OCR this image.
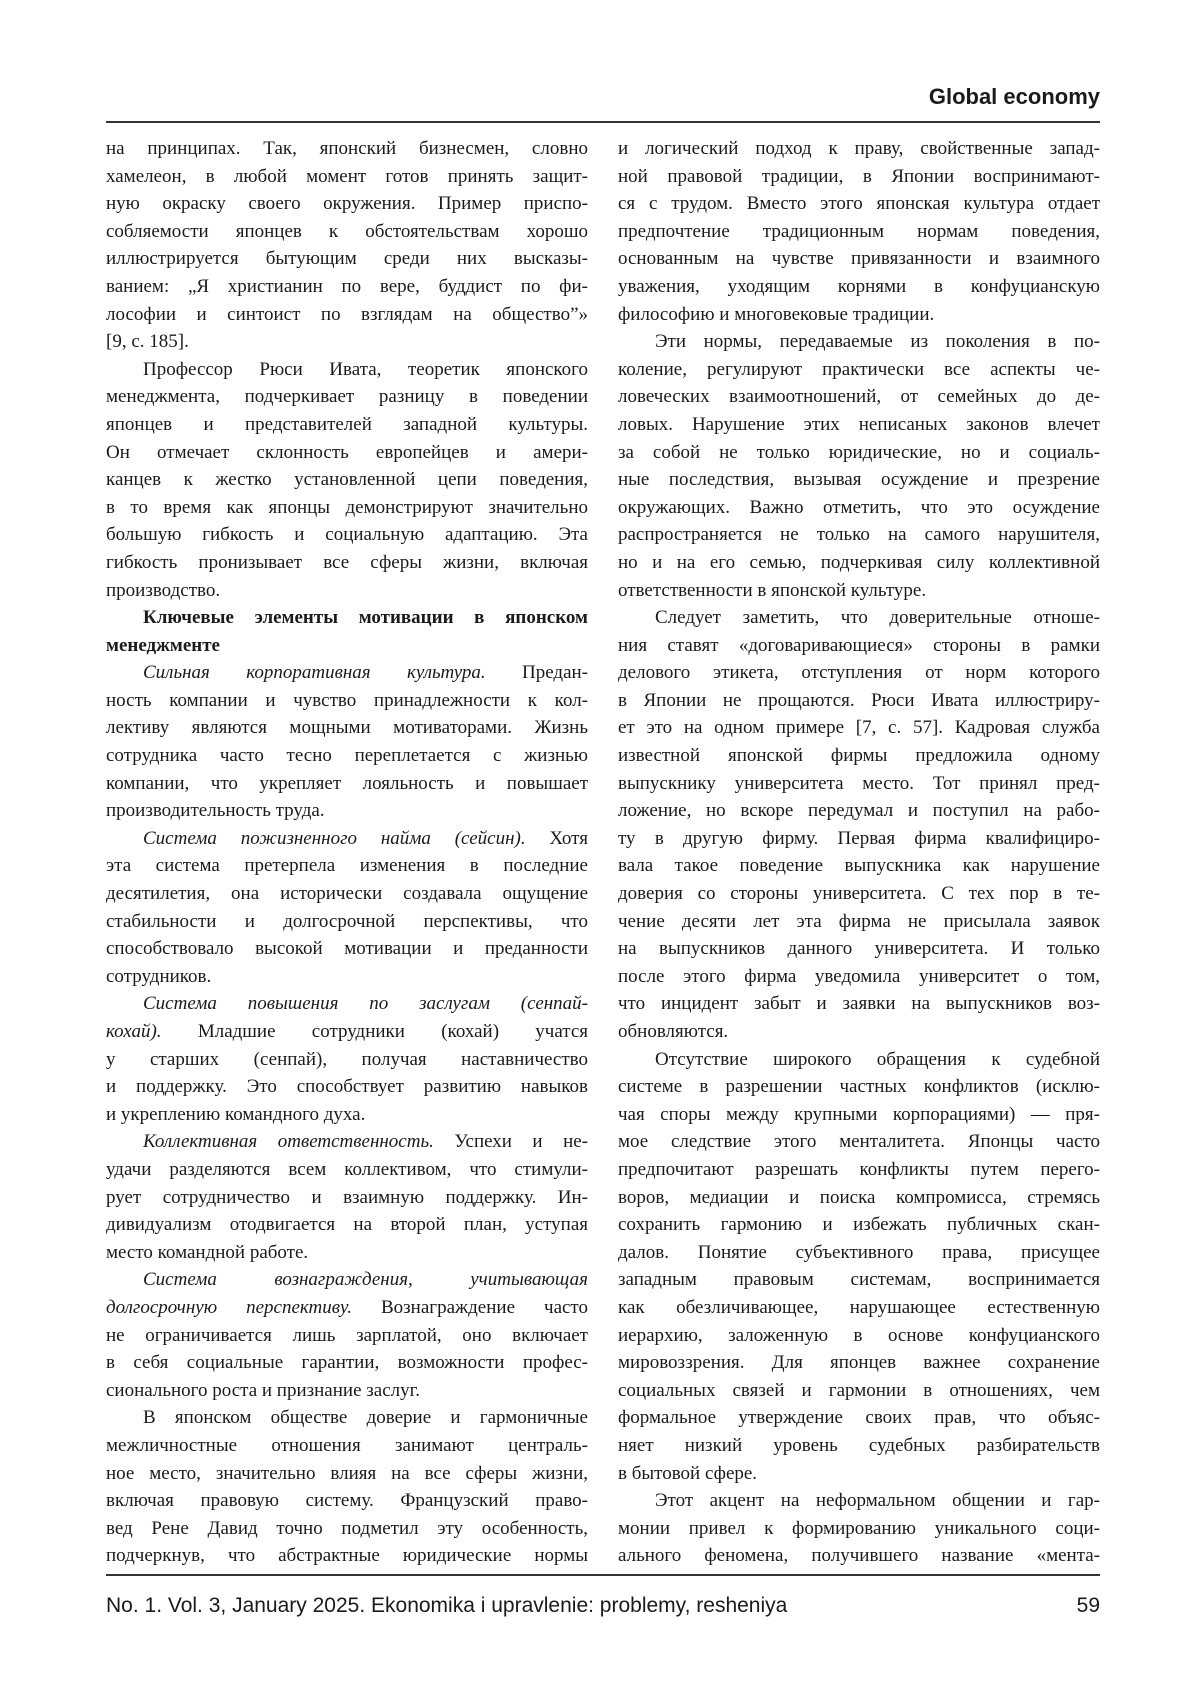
Global economy
на принципах. Так, японский бизнесмен, словно
хамелеон, в любой момент готов принять защит-
ную окраску своего окружения. Пример приспо-
собляемости японцев к обстоятельствам хорошо
иллюстрируется бытующим среди них высказы-
ванием: „Я христианин по вере, буддист по фи-
лософии и синтоист по взглядам на общество”»
[9, с. 185].
Профессор Рюси Ивата, теоретик японского
менеджмента, подчеркивает разницу в поведении
японцев и представителей западной культуры.
Он отмечает склонность европейцев и амери-
канцев к жестко установленной цепи поведения,
в то время как японцы демонстрируют значительно
большую гибкость и социальную адаптацию. Эта
гибкость пронизывает все сферы жизни, включая
производство.
Ключевые элементы мотивации в японском
менеджменте
Сильная корпоративная культура. Предан-
ность компании и чувство принадлежности к кол-
лективу являются мощными мотиваторами. Жизнь
сотрудника часто тесно переплетается с жизнью
компании, что укрепляет лояльность и повышает
производительность труда.
Система пожизненного найма (сейсин). Хотя
эта система претерпела изменения в последние
десятилетия, она исторически создавала ощущение
стабильности и долгосрочной перспективы, что
способствовало высокой мотивации и преданности
сотрудников.
Система повышения по заслугам (сенпай-
кохай). Младшие сотрудники (кохай) учатся
у старших (сенпай), получая наставничество
и поддержку. Это способствует развитию навыков
и укреплению командного духа.
Коллективная ответственность. Успехи и не-
удачи разделяются всем коллективом, что стимули-
рует сотрудничество и взаимную поддержку. Ин-
дивидуализм отодвигается на второй план, уступая
место командной работе.
Система вознаграждения, учитывающая
долгосрочную перспективу. Вознаграждение часто
не ограничивается лишь зарплатой, оно включает
в себя социальные гарантии, возможности профес-
сионального роста и признание заслуг.
В японском обществе доверие и гармоничные
межличностные отношения занимают централь-
ное место, значительно влияя на все сферы жизни,
включая правовую систему. Французский право-
вед Рене Давид точно подметил эту особенность,
подчеркнув, что абстрактные юридические нормы
и логический подход к праву, свойственные запад-
ной правовой традиции, в Японии воспринимают-
ся с трудом. Вместо этого японская культура отдает
предпочтение традиционным нормам поведения,
основанным на чувстве привязанности и взаимного
уважения, уходящим корнями в конфуцианскую
философию и многовековые традиции.
Эти нормы, передаваемые из поколения в по-
коление, регулируют практически все аспекты че-
ловеческих взаимоотношений, от семейных до де-
ловых. Нарушение этих неписаных законов влечет
за собой не только юридические, но и социаль-
ные последствия, вызывая осуждение и презрение
окружающих. Важно отметить, что это осуждение
распространяется не только на самого нарушителя,
но и на его семью, подчеркивая силу коллективной
ответственности в японской культуре.
Следует заметить, что доверительные отноше-
ния ставят «договаривающиеся» стороны в рамки
делового этикета, отступления от норм которого
в Японии не прощаются. Рюси Ивата иллюстриру-
ет это на одном примере [7, с. 57]. Кадровая служба
известной японской фирмы предложила одному
выпускнику университета место. Тот принял пред-
ложение, но вскоре передумал и поступил на рабо-
ту в другую фирму. Первая фирма квалифициро-
вала такое поведение выпускника как нарушение
доверия со стороны университета. С тех пор в те-
чение десяти лет эта фирма не присылала заявок
на выпускников данного университета. И только
после этого фирма уведомила университет о том,
что инцидент забыт и заявки на выпускников воз-
обновляются.
Отсутствие широкого обращения к судебной
системе в разрешении частных конфликтов (исклю-
чая споры между крупными корпорациями) — пря-
мое следствие этого менталитета. Японцы часто
предпочитают разрешать конфликты путем перего-
воров, медиации и поиска компромисса, стремясь
сохранить гармонию и избежать публичных скан-
далов. Понятие субъективного права, присущее
западным правовым системам, воспринимается
как обезличивающее, нарушающее естественную
иерархию, заложенную в основе конфуцианского
мировоззрения. Для японцев важнее сохранение
социальных связей и гармонии в отношениях, чем
формальное утверждение своих прав, что объяс-
няет низкий уровень судебных разбирательств
в бытовой сфере.
Этот акцент на неформальном общении и гар-
монии привел к формированию уникального соци-
ального феномена, получившего название «мента-
No. 1. Vol. 3, January 2025. Ekonomika i upravlenie: problemy, resheniya	59
